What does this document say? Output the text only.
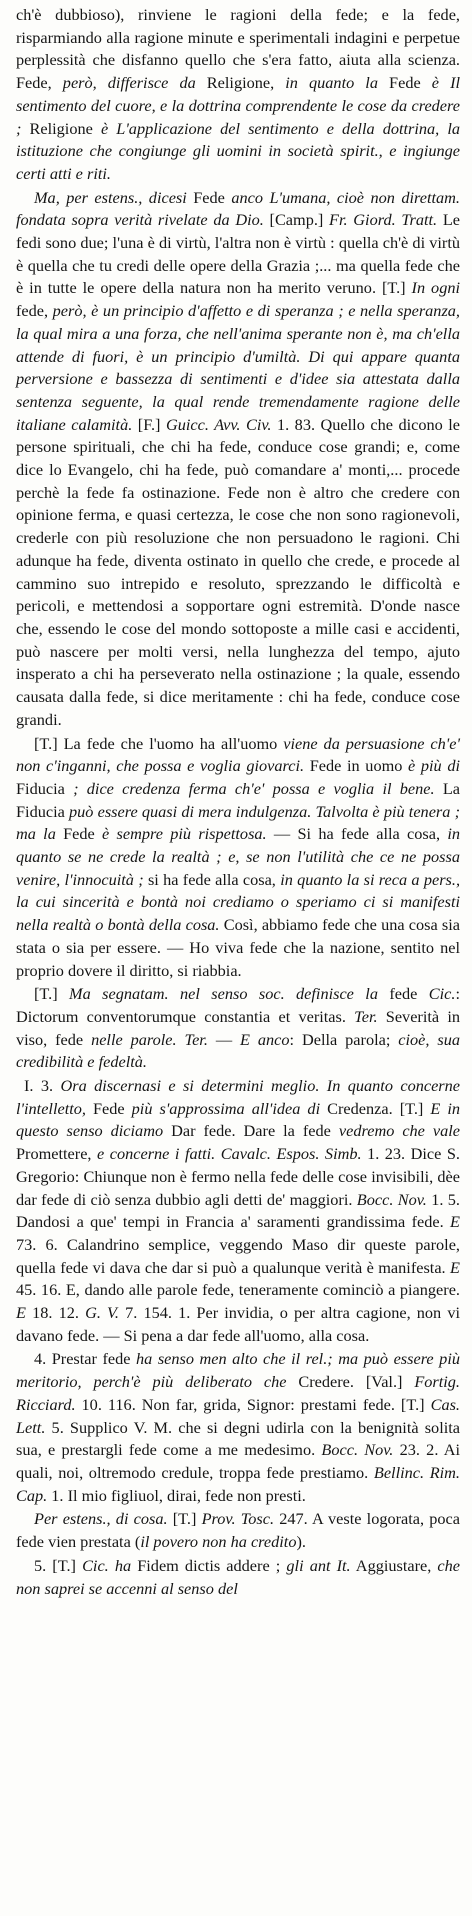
ch'è dubbioso), rinviene le ragioni della fede; e la fede, risparmiando alla ragione minute e sperimentali indagini e perpetue perplessità che disfanno quello che s'era fatto, aiuta alla scienza. Fede, però, differisce da Religione, in quanto la Fede è Il sentimento del cuore, e la dottrina comprendente le cose da credere ; Religione è L'applicazione del sentimento e della dottrina, la istituzione che congiunge gli uomini in società spirit., e ingiunge certi atti e riti.

Ma, per estens., dicesi Fede anco L'umana, cioè non direttam. fondata sopra verità rivelate da Dio. [Camp.] Fr. Giord. Tratt. Le fedi sono due; l'una è di virtù, l'altra non è virtù : quella ch'è di virtù è quella che tu credi delle opere della Grazia ;... ma quella fede che è in tutte le opere della natura non ha merito veruno. [T.] In ogni fede, però, è un principio d'affetto e di speranza ; e nella speranza, la qual mira a una forza, che nell'anima sperante non è, ma ch'ella attende di fuori, è un principio d'umiltà. Di qui appare quanta perversione e bassezza di sentimenti e d'idee sia attestata dalla sentenza seguente, la qual rende tremendamente ragione delle italiane calamità. [F.] Guicc. Avv. Civ. 1. 83. Quello che dicono le persone spirituali, che chi ha fede, conduce cose grandi; e, come dice lo Evangelo, chi ha fede, può comandare a' monti,... procede perchè la fede fa ostinazione. Fede non è altro che credere con opinione ferma, e quasi certezza, le cose che non sono ragionevoli, crederle con più resoluzione che non persuadono le ragioni. Chi adunque ha fede, diventa ostinato in quello che crede, e procede al cammino suo intrepido e resoluto, sprezzando le difficoltà e pericoli, e mettendosi a sopportare ogni estremità. D'onde nasce che, essendo le cose del mondo sottoposte a mille casi e accidenti, può nascere per molti versi, nella lunghezza del tempo, ajuto insperato a chi ha perseverato nella ostinazione ; la quale, essendo causata dalla fede, si dice meritamente : chi ha fede, conduce cose grandi.

[T.] La fede che l'uomo ha all'uomo viene da persuasione ch'e' non c'inganni, che possa e voglia giovarci. Fede in uomo è più di Fiducia ; dice credenza ferma ch'e' possa e voglia il bene. La Fiducia può essere quasi di mera indulgenza. Talvolta è più tenera ; ma la Fede è sempre più rispettosa. — Si ha fede alla cosa, in quanto se ne crede la realtà ; e, se non l'utilità che ce ne possa venire, l'innocuità ; si ha fede alla cosa, in quanto la si reca a pers., la cui sincerità e bontà noi crediamo o speriamo ci si manifesti nella realtà o bontà della cosa. Così, abbiamo fede che una cosa sia stata o sia per essere. — Ho viva fede che la nazione, sentito nel proprio dovere il diritto, si riabbia.

[T.] Ma segnatam. nel senso soc. definisce la fede Cic.: Dictorum conventorumque constantia et veritas. Ter. Severità in viso, fede nelle parole. Ter. — E anco: Della parola; cioè, sua credibilità e fedeltà.

I. 3. Ora discernasi e si determini meglio. In quanto concerne l'intelletto, Fede più s'approssima all'idea di Credenza. [T.] E in questo senso diciamo Dar fede. Dare la fede vedremo che vale Promettere, e concerne i fatti. Cavalc. Espos. Simb. 1. 23. Dice S. Gregorio: Chiunque non è fermo nella fede delle cose invisibili, dèe dar fede di ciò senza dubbio agli detti de' maggiori. Bocc. Nov. 1. 5. Dandosi a que' tempi in Francia a' saramenti grandissima fede. E 73. 6. Calandrino semplice, veggendo Maso dir queste parole, quella fede vi dava che dar si può a qualunque verità è manifesta. E 45. 16. E, dando alle parole fede, teneramente cominciò a piangere. E 18. 12. G. V. 7. 154. 1. Per invidia, o per altra cagione, non vi davano fede. — Si pena a dar fede all'uomo, alla cosa.

4. Prestar fede ha senso men alto che il rel.; ma può essere più meritorio, perch'è più deliberato che Credere. [Val.] Fortig. Ricciard. 10. 116. Non far, grida, Signor: prestami fede. [T.] Cas. Lett. 5. Supplico V. M. che si degni udirla con la benignità solita sua, e prestargli fede come a me medesimo. Bocc. Nov. 23. 2. Ai quali, noi, oltremodo credule, troppa fede prestiamo. Bellinc. Rim. Cap. 1. Il mio figliuol, dirai, fede non presti.

Per estens., di cosa. [T.] Prov. Tosc. 247. A veste logorata, poca fede vien prestata (il povero non ha credito).

5. [T.] Cic. ha Fidem dictis addere ; gli ant It. Aggiustare, che non saprei se accenni al senso del
